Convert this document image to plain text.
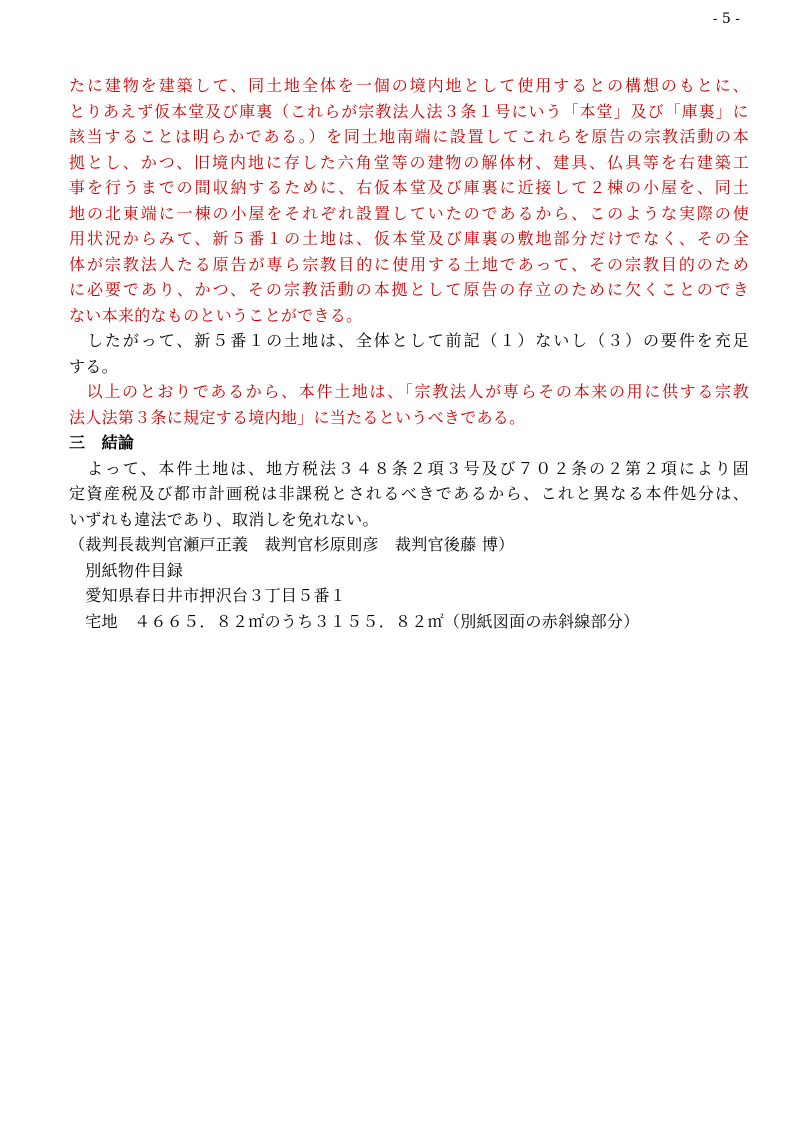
- 5 -
たに建物を建築して、同土地全体を一個の境内地として使用するとの構想のもとに、
とりあえず仮本堂及び庫裏（これらが宗教法人法３条１号にいう「本堂」及び「庫裏」に
該当することは明らかである。）を同土地南端に設置してこれらを原告の宗教活動の本
拠とし、かつ、旧境内地に存した六角堂等の建物の解体材、建具、仏具等を右建築工
事を行うまでの間収納するために、右仮本堂及び庫裏に近接して２棟の小屋を、同土
地の北東端に一棟の小屋をそれぞれ設置していたのであるから、このような実際の使
用状況からみて、新５番１の土地は、仮本堂及び庫裏の敷地部分だけでなく、その全
体が宗教法人たる原告が専ら宗教目的に使用する土地であって、その宗教目的のため
に必要であり、かつ、その宗教活動の本拠として原告の存立のために欠くことのでき
ない本来的なものということができる。
　したがって、新５番１の土地は、全体として前記（１）ないし（３）の要件を充足
する。
　以上のとおりであるから、本件土地は、「宗教法人が専らその本来の用に供する宗教
法人法第３条に規定する境内地」に当たるというべきである。
三　結論
　よって、本件土地は、地方税法３４８条２項３号及び７０２条の２第２項により固
定資産税及び都市計画税は非課税とされるべきであるから、これと異なる本件処分は、
いずれも違法であり、取消しを免れない。
（裁判長裁判官瀬戸正義　裁判官杉原則彦　裁判官後藤 博）
　別紙物件目録
　愛知県春日井市押沢台３丁目５番１
　宅地　４６６５．８２㎡のうち３１５５．８２㎡（別紙図面の赤斜線部分）
